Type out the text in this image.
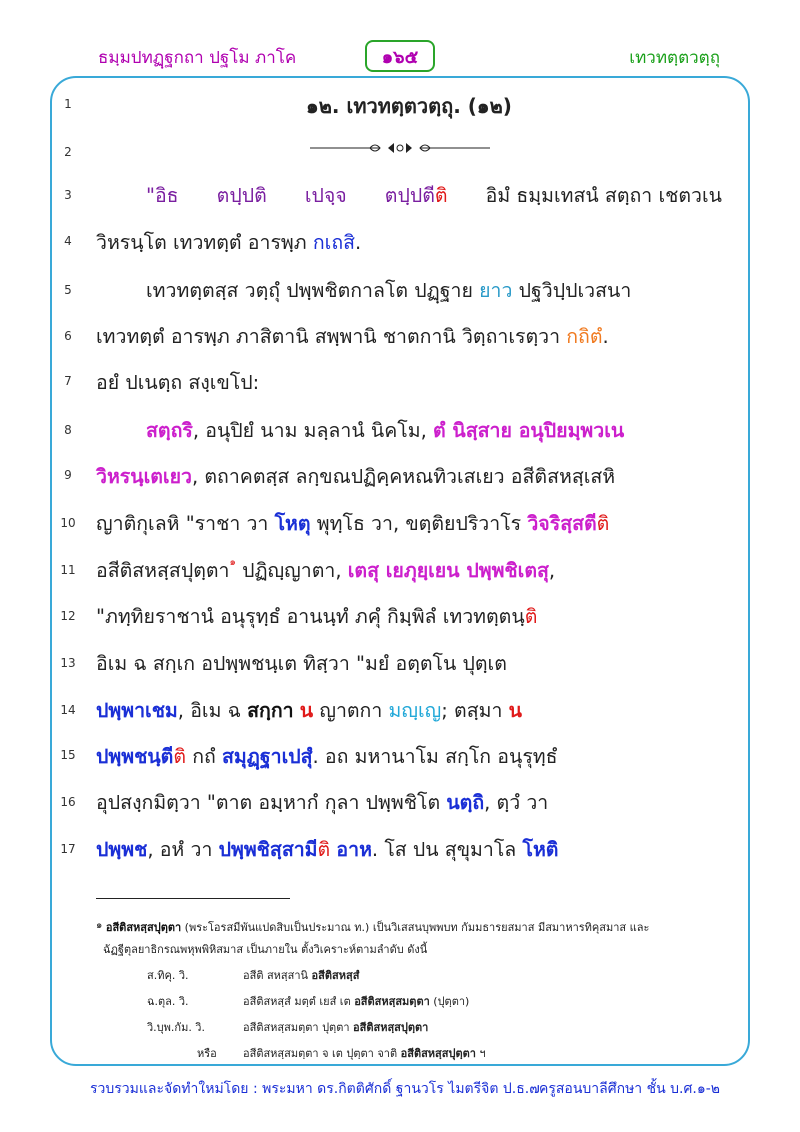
ธมฺมปทฏฺฐกถา ปฐโม ภาโค	๑๖๕	เทวทตฺตวตฺถุ
1
2
3
4
5
6
7
8
9
10
11
12
13
14
15
16
17
๑๒. เทวทตฺตวตฺถุ. (๑๒)
"อิธ ตปฺปติ เปจฺจ ตปฺปตีติ อิมํ ธมฺมเทสนํ สตฺถา เชตวเน
วิหรนฺโต เทวทตฺตํ อารพฺภ กเถสิ.
เทวทตฺตสฺส วตฺถุํ ปพฺพชิตกาลโต ปฏฺฐาย ยาว ปฐวิปฺปเวสนา
เทวทตฺตํ อารพฺภ ภาสิตานิ สพฺพานิ ชาตกานิ วิตฺถาเรตฺวา กถิตํ.
อยํ ปเนตฺถ สงฺเขโป:
สตฺถริ, อนุปิยํ นาม มลฺลานํ นิคโม, ตํ นิสฺสาย อนุปิยมฺพวเน
วิหรนฺเตเยว, ตถาคตสฺส ลกฺขณปฏิคฺคหณทิวเสเยว อสีติสหสฺเสหิ
ญาติกุเลหิ "ราชา วา โหตุ พุทฺโธ วา, ขตฺติยปริวาโร วิจริสฺสตีติ
อสีติสหสฺสปุตฺตา$^๑$ ปฏิญฺญาตา, เตสุ เยภุยฺเยน ปพฺพชิเตสุ,
"ภทฺทิยราชานํ อนุรุทฺธํ อานนฺทํ ภคุํ กิมฺพิลํ เทวทตฺตนฺติ
อิเม ฉ สกฺเก อปพฺพชนฺเต ทิสฺวา "มยํ อตฺตโน ปุตฺเต
ปพฺพาเชม, อิเม ฉ สกฺกา น ญาตกา มญฺเญ; ตสฺมา น
ปพฺพชนฺตีติ กถํ สมุฏฺฐาเปสุํ. อถ มหานาโม สกฺโก อนุรุทฺธํ
อุปสงฺกมิตฺวา "ตาต อมฺหากํ กุลา ปพฺพชิโต นตฺถิ, ตฺวํ วา
ปพฺพช, อหํ วา ปพฺพชิสฺสามีติ อาห. โส ปน สุขุมาโล โหติ
๑ อสีติสหสฺสปุตฺตา (พระโอรสมีพันแปดสิบเป็นประมาณ ท.) เป็นวิเสสนบุพพบท กัมมธารยสมาส มีสมาหารทิคุสมาส และ
ฉัฏฐีตุลยาธิกรณพหุพพิหิสมาส เป็นภายใน ตั้งวิเคราะห์ตามลำดับ ดังนี้
ส.ทิคุ. วิ.	อสีติ สหสฺสานิ อสีติสหสฺสํ
ฉ.ตุล. วิ.	อสีติสหสฺสํ มตฺตํ เยสํ เต อสีติสหสฺสมตฺตา (ปุตฺตา)
วิ.บุพ.กัม. วิ.	อสีติสหสฺสมตฺตา ปุตฺตา อสีติสหสฺสปุตฺตา
หรือ อสีติสหสฺสมตฺตา จ เต ปุตฺตา จาติ อสีติสหสฺสปุตฺตา ฯ
รวบรวมและจัดทำใหม่โดย : พระมหา ดร.กิตติศักดิ์ ฐานวโร ไมตรีจิต ป.ธ.๗ ครูสอนบาลีศึกษา ชั้น บ.ศ.๑-๒
